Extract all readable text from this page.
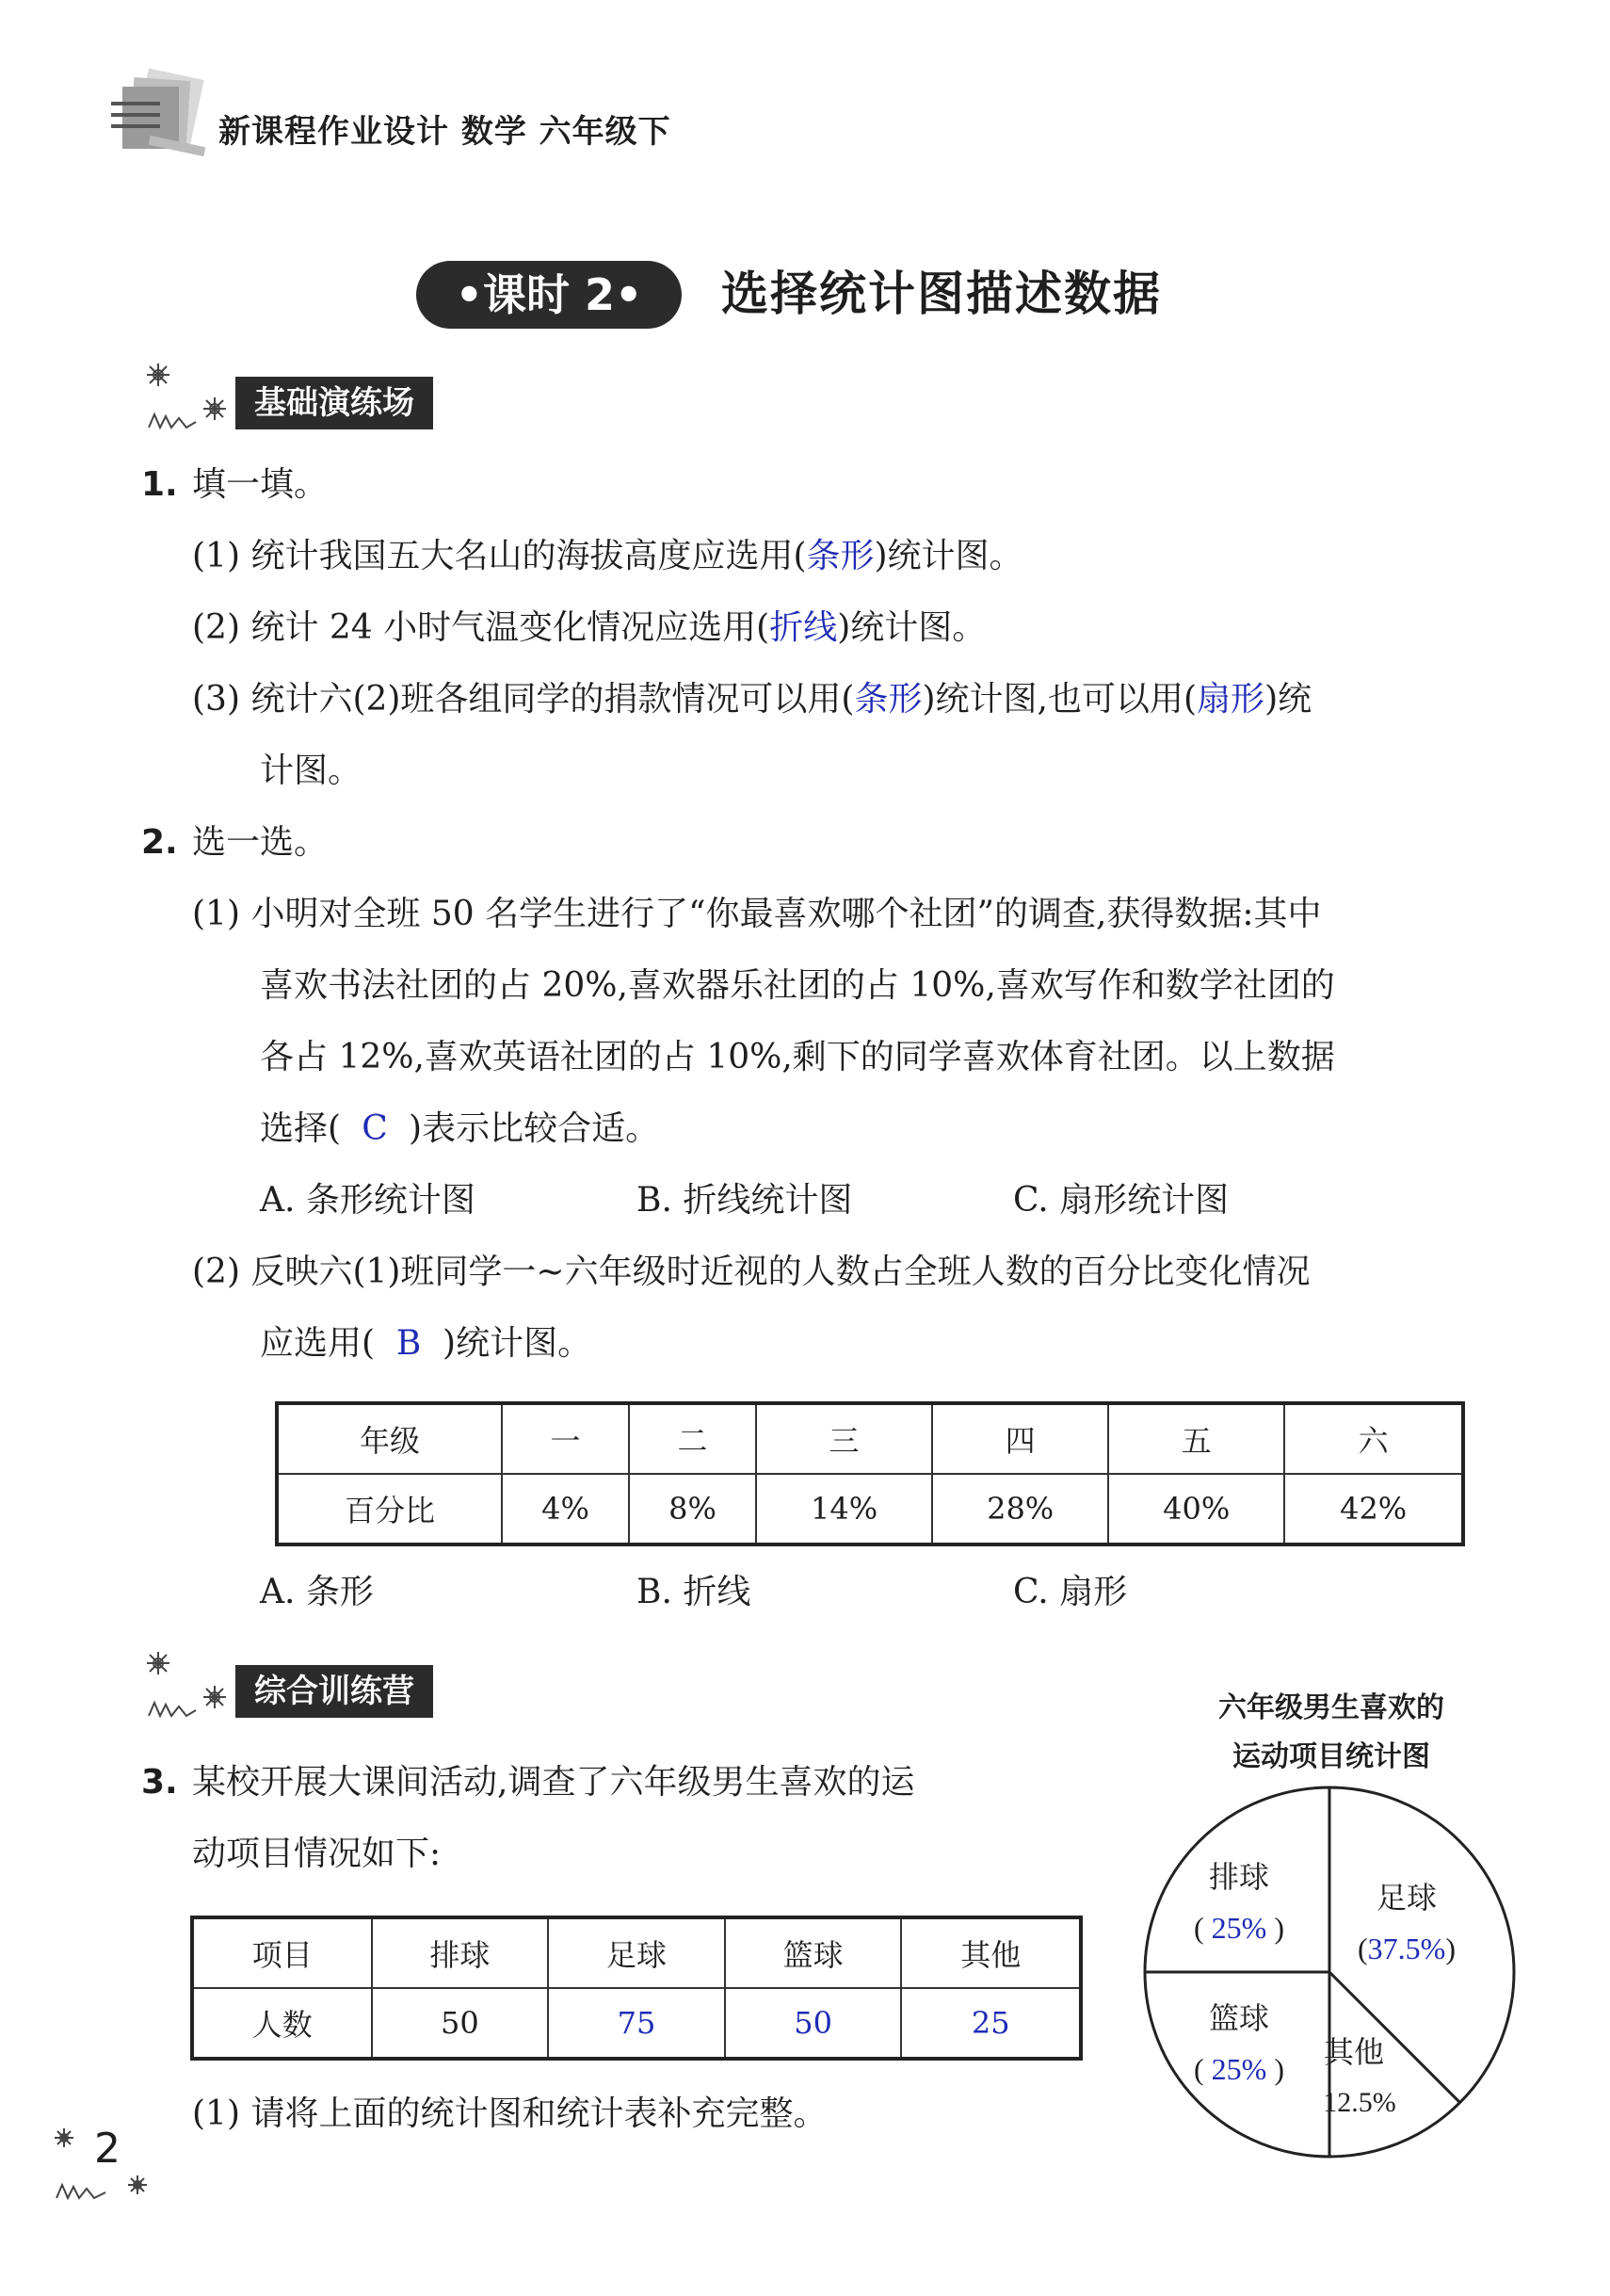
新课程作业设计 数学 六年级下
•课时 2•	选择统计图描述数据
基础演练场
1. 填一填。
(1) 统计我国五大名山的海拔高度应选用(条形)统计图。
(2) 统计 24 小时气温变化情况应选用(折线)统计图。
(3) 统计六(2)班各组同学的捐款情况可以用(条形)统计图,也可以用(扇形)统
计图。
2. 选一选。
(1) 小明对全班 50 名学生进行了“你最喜欢哪个社团”的调查,获得数据:其中
喜欢书法社团的占 20%,喜欢器乐社团的占 10%,喜欢写作和数学社团的
各占 12%,喜欢英语社团的占 10%,剩下的同学喜欢体育社团。以上数据
选择( C )表示比较合适。
A. 条形统计图	B. 折线统计图	C. 扇形统计图
(2) 反映六(1)班同学一~六年级时近视的人数占全班人数的百分比变化情况
应选用( B )统计图。
年级	一	二	三	四	五	六
百分比	4%	8%	14%	28%	40%	42%
A. 条形	B. 折线	C. 扇形
综合训练营
3. 某校开展大课间活动,调查了六年级男生喜欢的运
动项目情况如下:
项目	排球	足球	篮球	其他
人数	50	75	50	25
(1) 请将上面的统计图和统计表补充完整。
六年级男生喜欢的
运动项目统计图
排球
( 25% )
足球
(37.5%)
篮球
( 25% ) 其他
12.5%
2
